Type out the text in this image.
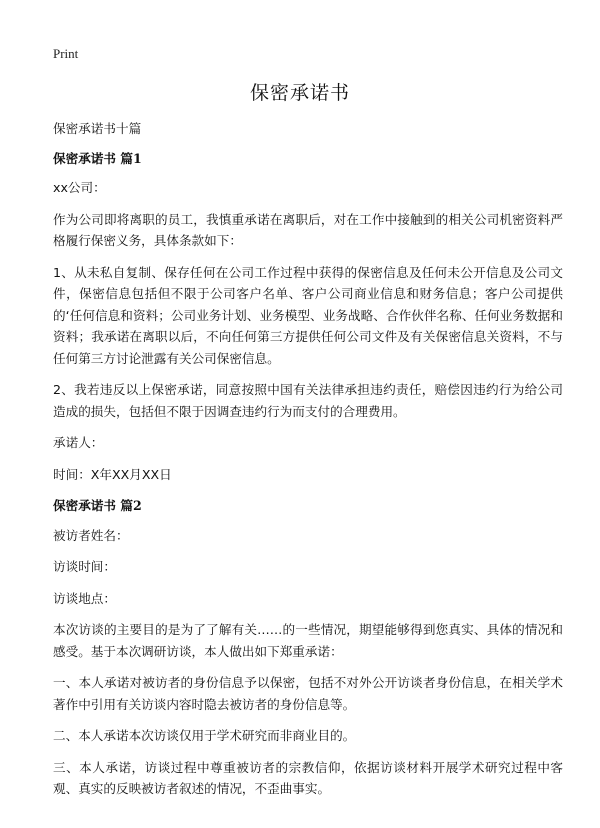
Print
保密承诺书

保密承诺书十篇

保密承诺书 篇1

xx公司：

作为公司即将离职的员工，我慎重承诺在离职后，对在工作中接触到的相关公司机密资料严格履行保密义务，具体条款如下：

1、从未私自复制、保存任何在公司工作过程中获得的保密信息及任何未公开信息及公司文件，保密信息包括但不限于公司客户名单、客户公司商业信息和财务信息；客户公司提供的‘任何信息和资料；公司业务计划、业务模型、业务战略、合作伙伴名称、任何业务数据和资料；我承诺在离职以后，不向任何第三方提供任何公司文件及有关保密信息关资料，不与任何第三方讨论泄露有关公司保密信息。

2、我若违反以上保密承诺，同意按照中国有关法律承担违约责任，赔偿因违约行为给公司造成的损失，包括但不限于因调查违约行为而支付的合理费用。

承诺人：

时间：X年XX月XX日

保密承诺书 篇2

被访者姓名：

访谈时间：

访谈地点：

本次访谈的主要目的是为了了解有关……的一些情况，期望能够得到您真实、具体的情况和感受。基于本次调研访谈，本人做出如下郑重承诺：

一、本人承诺对被访者的身份信息予以保密，包括不对外公开访谈者身份信息，在相关学术著作中引用有关访谈内容时隐去被访者的身份信息等。

二、本人承诺本次访谈仅用于学术研究而非商业目的。

三、本人承诺，访谈过程中尊重被访者的宗教信仰，依据访谈材料开展学术研究过程中客观、真实的反映被访者叙述的情况，不歪曲事实。
